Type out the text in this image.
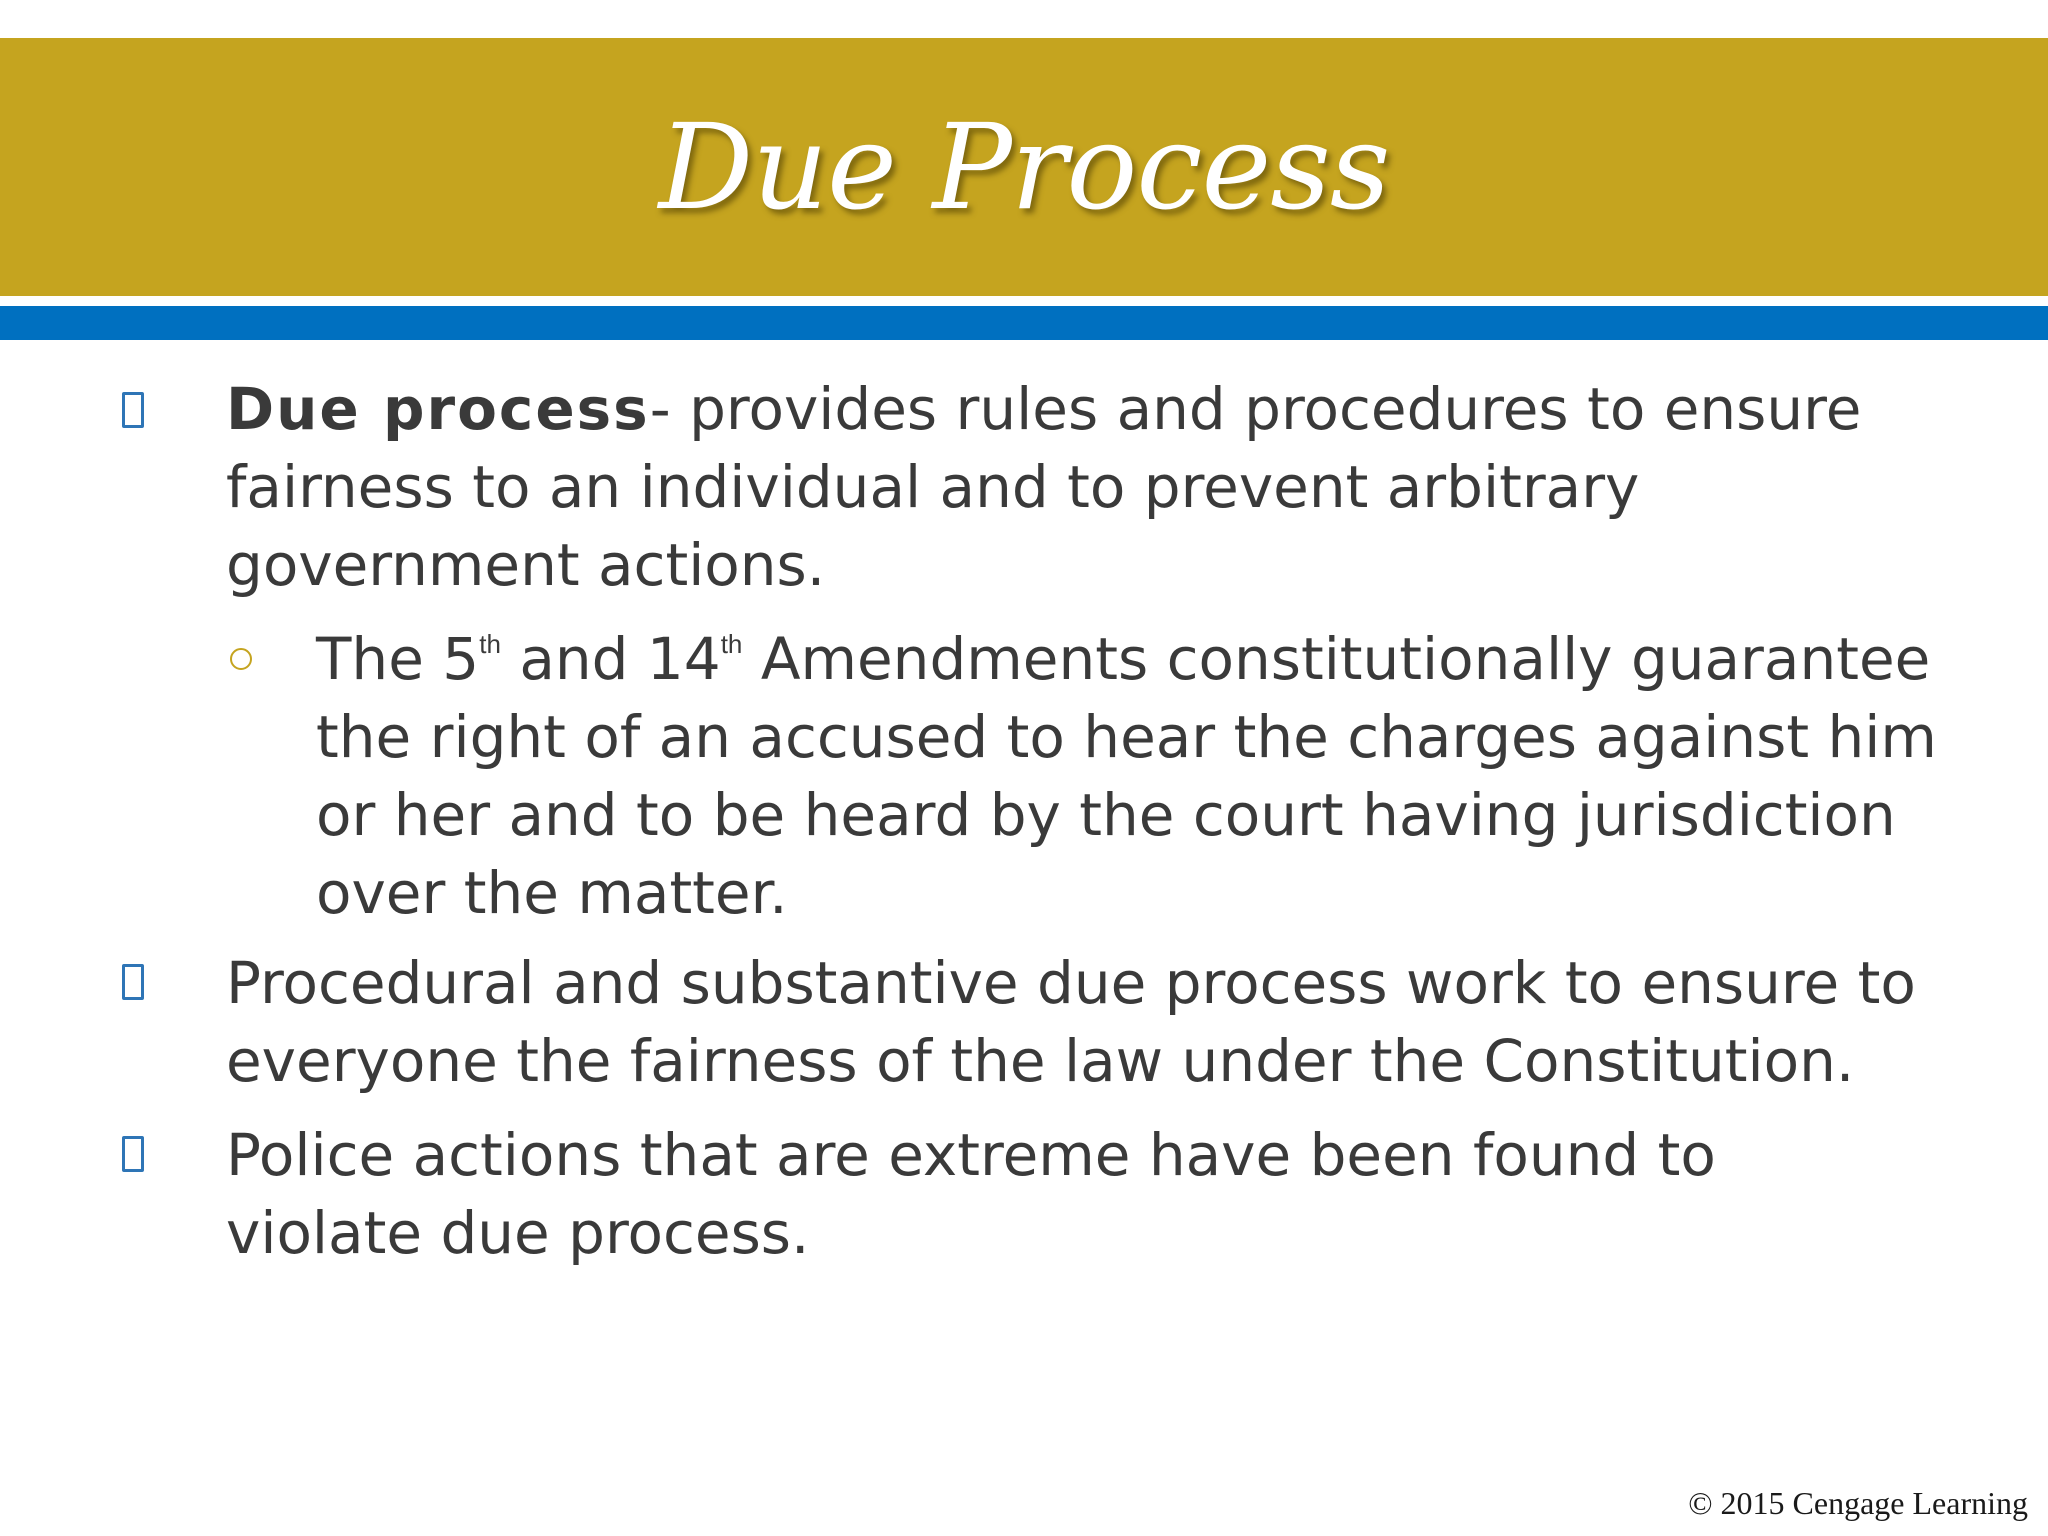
Due Process
Due process- provides rules and procedures to ensure fairness to an individual and to prevent arbitrary government actions.
The 5th and 14th Amendments constitutionally guarantee the right of an accused to hear the charges against him or her and to be heard by the court having jurisdiction over the matter.
Procedural and substantive due process work to ensure to everyone the fairness of the law under the Constitution.
Police actions that are extreme have been found to violate due process.
© 2015 Cengage Learning
